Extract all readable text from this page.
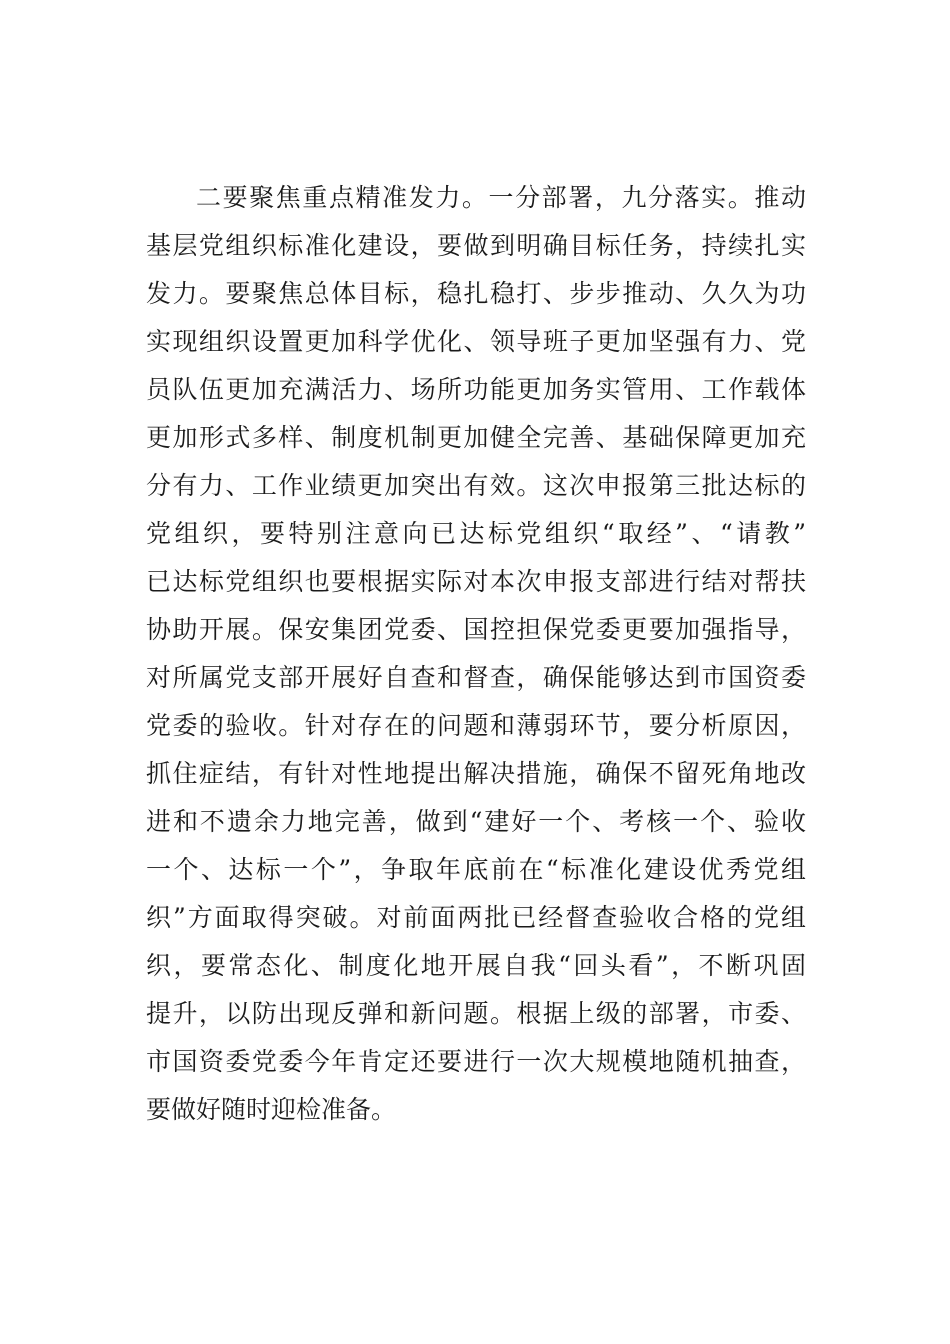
二要聚焦重点精准发力。一分部署，九分落实。推动
基层党组织标准化建设，要做到明确目标任务，持续扎实
发力。要聚焦总体目标，稳扎稳打、步步推动、久久为功
实现组织设置更加科学优化、领导班子更加坚强有力、党
员队伍更加充满活力、场所功能更加务实管用、工作载体
更加形式多样、制度机制更加健全完善、基础保障更加充
分有力、工作业绩更加突出有效。这次申报第三批达标的
党组织，要特别注意向已达标党组织“取经”、“请教”
已达标党组织也要根据实际对本次申报支部进行结对帮扶
协助开展。保安集团党委、国控担保党委更要加强指导，
对所属党支部开展好自查和督查，确保能够达到市国资委
党委的验收。针对存在的问题和薄弱环节，要分析原因，
抓住症结，有针对性地提出解决措施，确保不留死角地改
进和不遗余力地完善，做到“建好一个、考核一个、验收
一个、达标一个”，争取年底前在“标准化建设优秀党组
织”方面取得突破。对前面两批已经督查验收合格的党组
织，要常态化、制度化地开展自我“回头看”，不断巩固
提升，以防出现反弹和新问题。根据上级的部署，市委、
市国资委党委今年肯定还要进行一次大规模地随机抽查，
要做好随时迎检准备。
